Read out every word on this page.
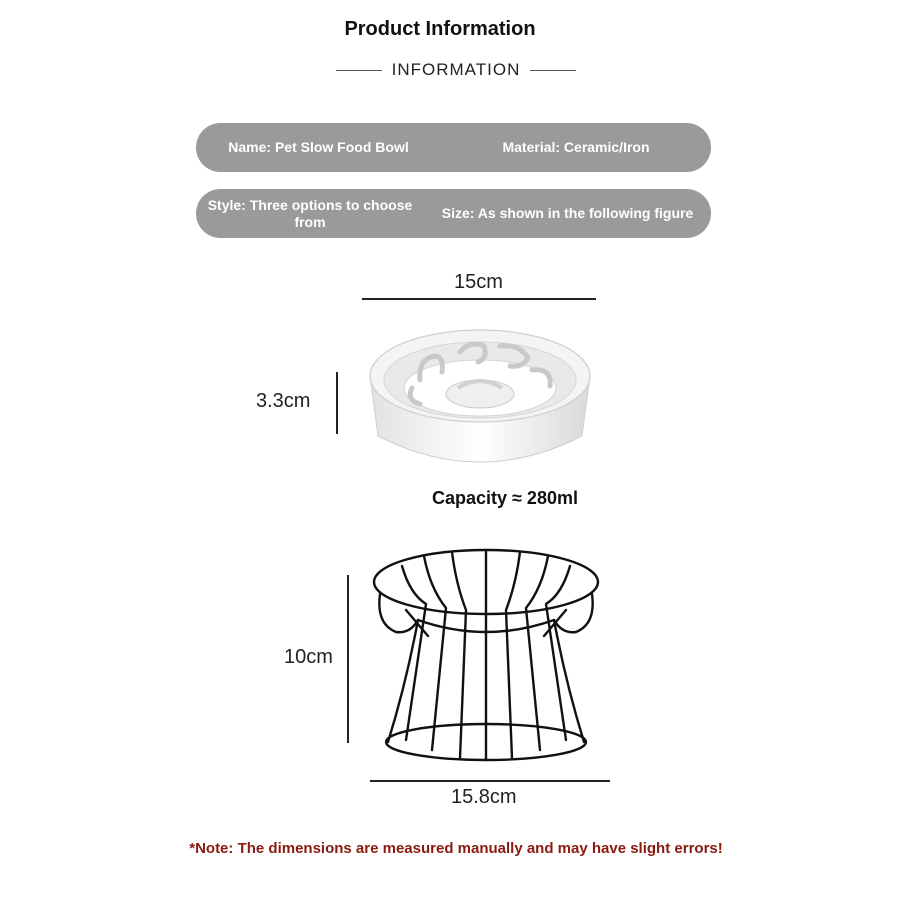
Product Information
INFORMATION
Name: Pet Slow Food Bowl	Material: Ceramic/Iron
Style: Three options to choose from
Size: As shown in the following figure
15cm
3.3cm
Capacity ≈ 280ml
10cm
15.8cm
*Note: The dimensions are measured manually and may have slight errors!
